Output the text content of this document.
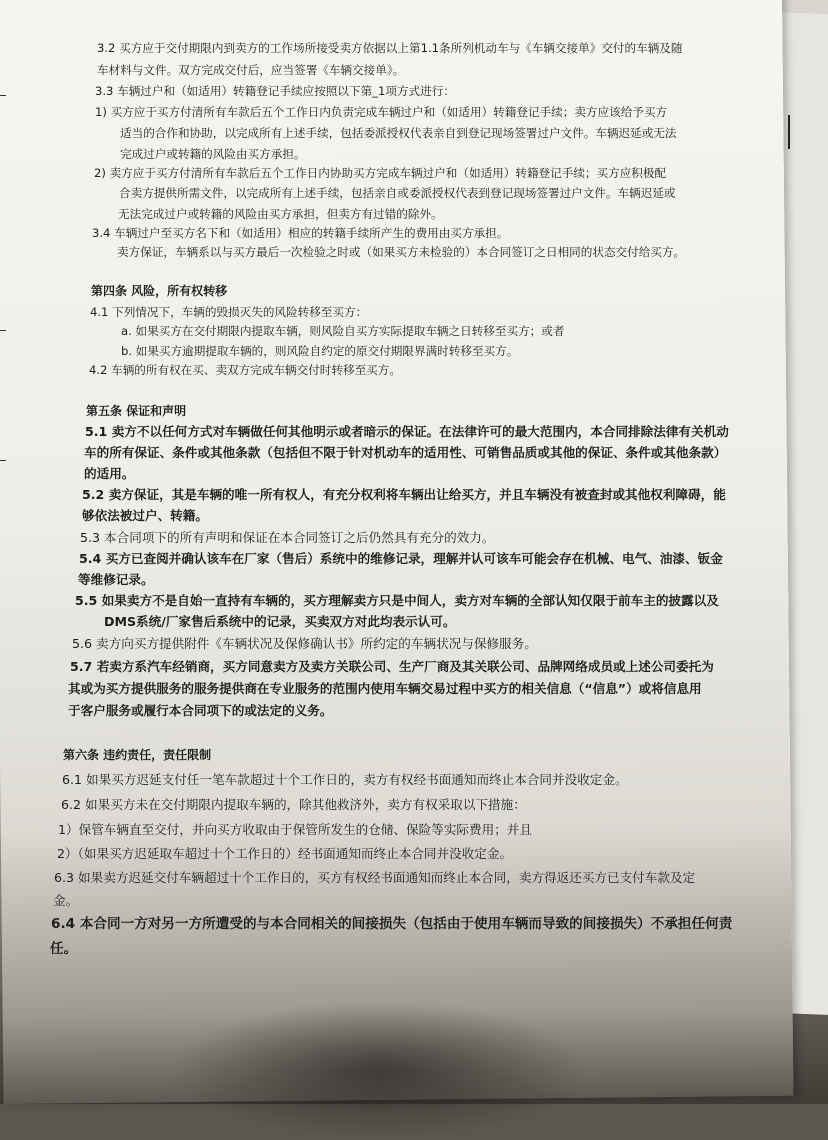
3.2 买方应于交付期限内到卖方的工作场所接受卖方依据以上第1.1条所列机动车与《车辆交接单》交付的车辆及随
车材料与文件。双方完成交付后，应当签署《车辆交接单》。
3.3 车辆过户和（如适用）转籍登记手续应按照以下第_1项方式进行：
1) 买方应于买方付清所有车款后五个工作日内负责完成车辆过户和（如适用）转籍登记手续；卖方应该给予买方
适当的合作和协助，以完成所有上述手续，包括委派授权代表亲自到登记现场签署过户文件。车辆迟延或无法
完成过户或转籍的风险由买方承担。
2) 卖方应于买方付清所有车款后五个工作日内协助买方完成车辆过户和（如适用）转籍登记手续；买方应积极配
合卖方提供所需文件，以完成所有上述手续，包括亲自或委派授权代表到登记现场签署过户文件。车辆迟延或
无法完成过户或转籍的风险由买方承担，但卖方有过错的除外。
3.4 车辆过户至买方名下和（如适用）相应的转籍手续所产生的费用由买方承担。
卖方保证，车辆系以与买方最后一次检验之时或（如果买方未检验的）本合同签订之日相同的状态交付给买方。
第四条 风险，所有权转移
4.1 下列情况下，车辆的毁损灭失的风险转移至买方：
a. 如果买方在交付期限内提取车辆，则风险自买方实际提取车辆之日转移至买方；或者
b. 如果买方逾期提取车辆的，则风险自约定的原交付期限界满时转移至买方。
4.2 车辆的所有权在买、卖双方完成车辆交付时转移至买方。
第五条 保证和声明
5.1 卖方不以任何方式对车辆做任何其他明示或者暗示的保证。在法律许可的最大范围内，本合同排除法律有关机动
车的所有保证、条件或其他条款（包括但不限于针对机动车的适用性、可销售品质或其他的保证、条件或其他条款）
的适用。
5.2 卖方保证，其是车辆的唯一所有权人，有充分权利将车辆出让给买方，并且车辆没有被查封或其他权利障碍，能
够依法被过户、转籍。
5.3 本合同项下的所有声明和保证在本合同签订之后仍然具有充分的效力。
5.4 买方已查阅并确认该车在厂家（售后）系统中的维修记录，理解并认可该车可能会存在机械、电气、油漆、钣金
等维修记录。
5.5 如果卖方不是自始一直持有车辆的，买方理解卖方只是中间人，卖方对车辆的全部认知仅限于前车主的披露以及
DMS系统/厂家售后系统中的记录，买卖双方对此均表示认可。
5.6 卖方向买方提供附件《车辆状况及保修确认书》所约定的车辆状况与保修服务。
5.7 若卖方系汽车经销商，买方同意卖方及卖方关联公司、生产厂商及其关联公司、品牌网络成员或上述公司委托为
其或为买方提供服务的服务提供商在专业服务的范围内使用车辆交易过程中买方的相关信息（“信息”）或将信息用
于客户服务或履行本合同项下的或法定的义务。
第六条 违约责任，责任限制
6.1 如果买方迟延支付任一笔车款超过十个工作日的，卖方有权经书面通知而终止本合同并没收定金。
6.2 如果买方未在交付期限内提取车辆的，除其他救济外，卖方有权采取以下措施：
1）保管车辆直至交付，并向买方收取由于保管所发生的仓储、保险等实际费用；并且
2）（如果买方迟延取车超过十个工作日的）经书面通知而终止本合同并没收定金。
6.3 如果卖方迟延交付车辆超过十个工作日的，买方有权经书面通知而终止本合同，卖方得返还买方已支付车款及定
金。
6.4 本合同一方对另一方所遭受的与本合同相关的间接损失（包括由于使用车辆而导致的间接损失）不承担任何责
任。
